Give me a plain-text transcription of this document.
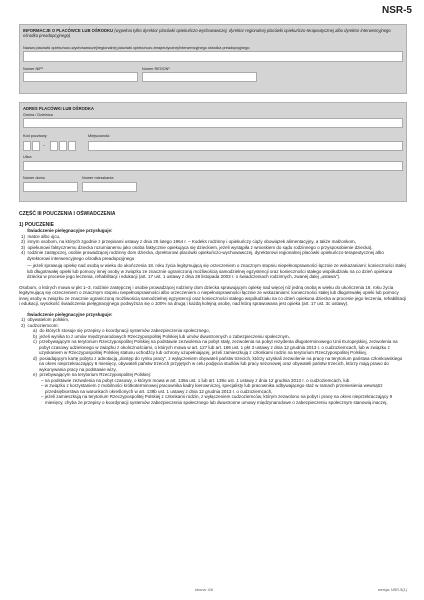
NSR-5
INFORMACJE O PLACÓWCE LUB OŚRODKU (wypełnia tylko dyrektor placówki opiekuńczo-wychowawczej, dyrektor regionalnej placówki opiekuńczo-terapeutycznej albo dyrektor interwencyjnego ośrodka preadopcyjnego)
Nazwa placówki opiekuńczo-wychowawczej/regionalnej placówki opiekuńczo-terapeutycznej/interwencyjnego ośrodka preadopcyjnego
Numer NIP¹	Numer REGON¹
ADRES PLACÓWKI LUB OŚRODKA
Gmina / Dzielnica
Kod pocztowy
-
Miejscowość
Ulica
Numer domu	Numer mieszkania

CZĘŚĆ III POUCZENIA I OŚWIADCZENIA

1) POUCZENIE

Świadczenie pielęgnacyjne przysługuje:

1)  matce albo ojcu,

2)  innym osobom, na których zgodnie z przepisami ustawy z dnia 25 lutego 1964 r. – Kodeks rodzinny i opiekuńczy ciąży obowiązek alimentacyjny, a także małżonkom,

3)  opiekunowi faktycznemu dziecka rozumianemu jako osoba faktycznie opiekująca się dzieckiem, jeżeli wystąpiła z wnioskiem do sądu rodzinnego o przysposobienie dziecka),

4)  rodzinie zastępczej, osobie prowadzącej rodzinny dom dziecka, dyrektorowi placówki opiekuńczo-wychowawczej, dyrektorowi regionalnej placówki opiekuńczo-terapeutycznej albo dyrektorowi interwencyjnego ośrodka preadopcyjnego

— jeżeli sprawują opiekę nad osobą w wieku do ukończenia 18. roku życia legitymującą się orzeczeniem o znacznym stopniu niepełnosprawności łącznie ze wskazaniami: konieczności stałej lub długotrwałej opieki lub pomocy innej osoby w związku ze znacznie ograniczoną możliwością samodzielnej egzystencji oraz konieczności stałego współudziału na co dzień opiekuna dziecka w procesie jego leczenia, rehabilitacji i edukacji (art. 17 ust. 1 ustawy z dnia 28 listopada 2003 r. o świadczeniach rodzinnych, zwanej dalej „ustawa").

Osobom, o których mowa w pkt 1–3, rodzinie zastępczej i osobie prowadzącej rodzinny dom dziecka sprawującym opiekę nad więcej niż jedną osobą w wieku do ukończenia 18. roku życia legitymującą się orzeczeniem o znacznym stopniu niepełnosprawności albo orzeczeniem o niepełnosprawności łącznie ze wskazaniami: konieczności stałej lub długotrwałej opieki lub pomocy innej osoby w związku ze znacznie ograniczoną możliwością samodzielnej egzystencji oraz konieczności stałego współudziału na co dzień opiekuna dziecka w procesie jego leczenia, rehabilitacji i edukacji, wysokość świadczenia pielęgnacyjnego podwyższa się o 100% na drugą i każdą kolejną osobę, nad którą sprawowana jest opieka (art. 17 ust. 3c ustawy).

Świadczenie pielęgnacyjne przysługuje:

1)  obywatelom polskim,

2)  cudzoziemcom:

a)  do których stosuje się przepisy o koordynacji systemów zabezpieczenia społecznego,

b)  jeżeli wynika to z umów międzynarodowych Rzeczypospolitej Polskiej lub umów dwustronnych o zabezpieczeniu społecznym,

c)  przebywającym na terytorium Rzeczypospolitej Polskiej na podstawie zezwolenia na pobyt stały, zezwolenia na pobyt rezydenta długoterminowego Unii Europejskiej, zezwolenia na pobyt czasowy udzielonego w związku z okolicznościami, o których mowa w art. 127 lub art. 186 ust. 1 pkt 3 ustawy z dnia 12 grudnia 2013 r. o cudzoziemcach, lub w związku z uzyskaniem w Rzeczypospolitej Polskiej statusu uchodźcy lub ochrony uzupełniającej, jeżeli zamieszkują z członkami rodzin na terytorium Rzeczypospolitej Polskiej,

d)  posiadającym kartę pobytu z adnotacją „dostęp do rynku pracy", z wyłączeniem obywateli państw trzecich, którzy uzyskali zezwolenie na pracę na terytorium państwa członkowskiego na okres nieprzekraczający 6 miesięcy, obywateli państw trzecich przyjętych w celu podjęcia studiów lub pracy sezonowej oraz obywateli państw trzecich, którzy mają prawo do wykonywania pracy na podstawie wizy,

e)  przebywającym na terytorium Rzeczypospolitej Polskiej:

– na podstawie zezwolenia na pobyt czasowy, o którym mowa w art. 139a ust. 1 lub art. 139o ust. 1 ustawy z dnia 12 grudnia 2013 r. o cudzoziemcach, lub

– w związku z korzystaniem z mobilności krótkoterminowej pracownika kadry kierowniczej, specjalisty lub pracownika odbywającego staż w ramach przeniesienia wewnątrz przedsiębiorstwa na warunkach określonych w art. 139b ust. 1 ustawy z dnia 12 grudnia 2013 r. o cudzoziemcach,

– jeżeli zamieszkują na terytorium Rzeczypospolitej Polskiej z członkami rodzin, z wyłączeniem cudzoziemców, którym zezwolono na pobyt i pracę na okres nieprzekraczający 9 miesięcy, chyba że przepisy o koordynacji systemów zabezpieczenia społecznego lub dwustronne umowy międzynarodowe o zabezpieczeniu społecznym stanowią inaczej,

strona: 4/6	wersja: NSR-5(1)
